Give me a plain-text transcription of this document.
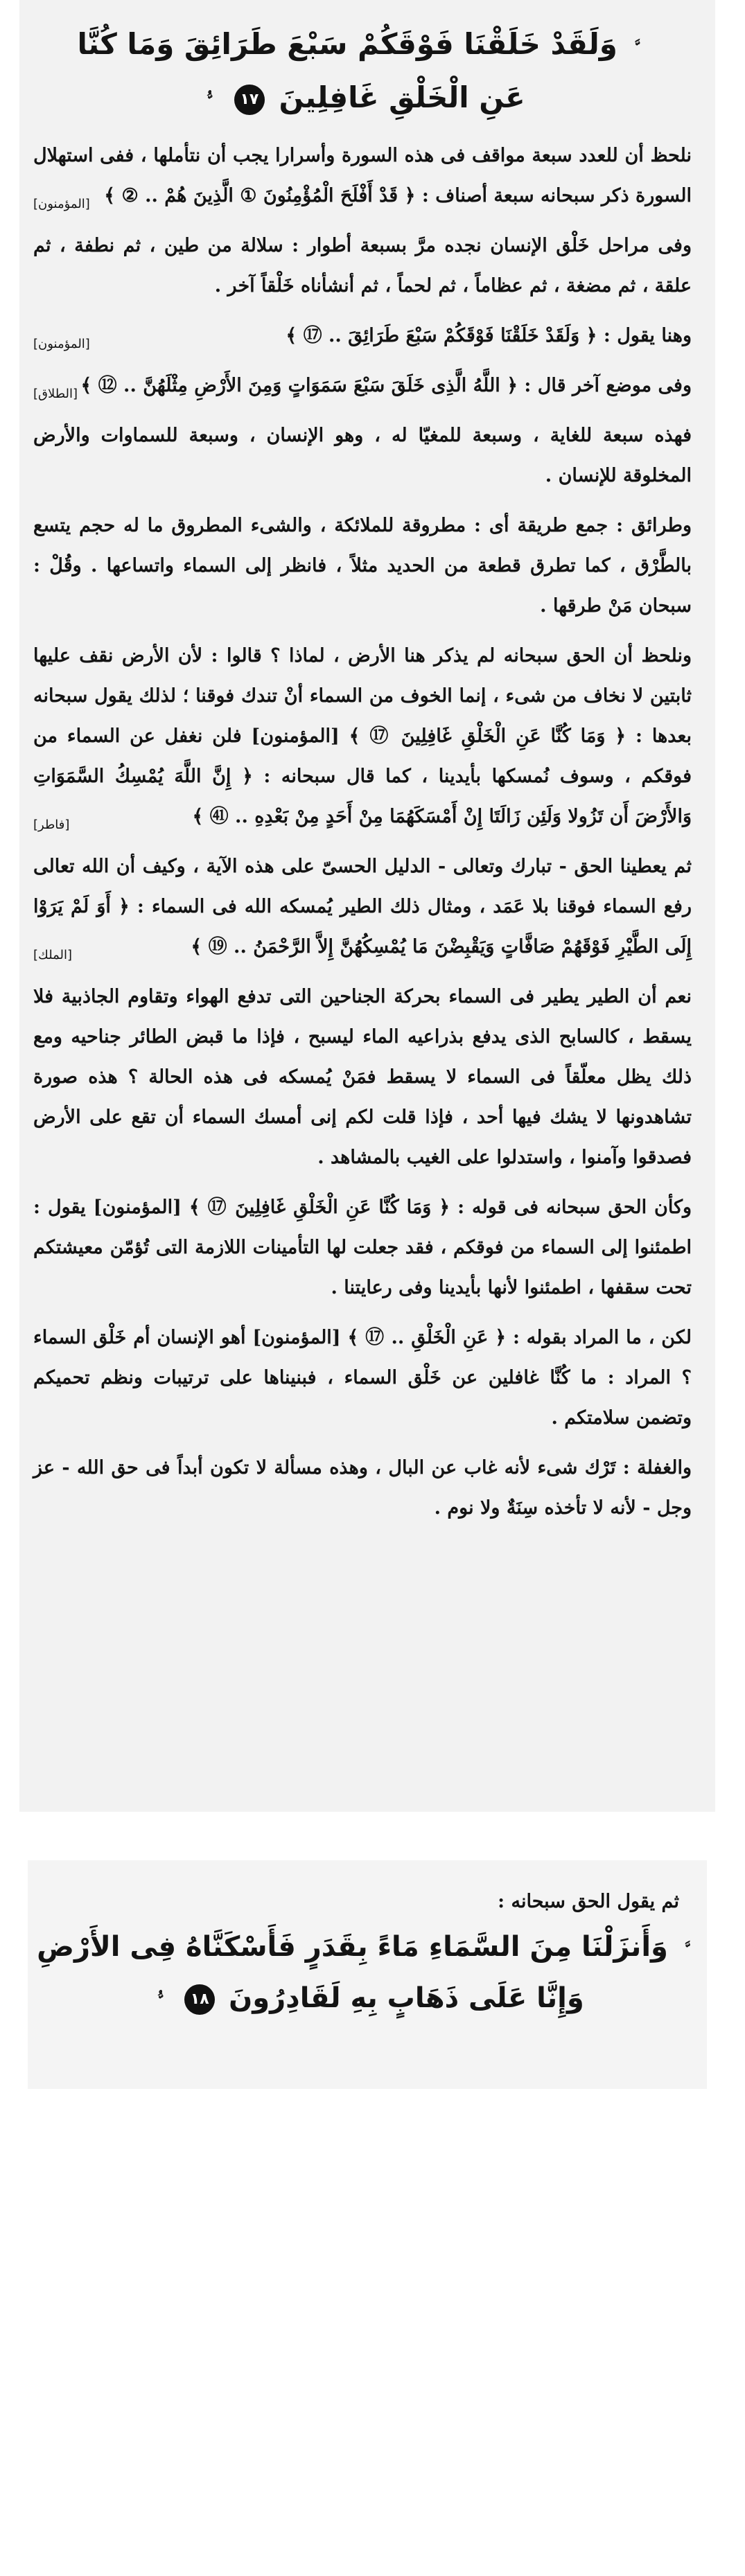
ﱠ وَلَقَدْ خَلَقْنَا فَوْقَكُمْ سَبْعَ طَرَائِقَ وَمَا كُنَّا
عَنِ الْخَلْقِ غَافِلِينَ ١٧ ﱡ

نلحظ أن للعدد سبعة مواقف فى هذه السورة وأسرارا يجب أن نتأملها ، ففى استهلال السورة ذكر سبحانه سبعة أصناف : ﴿ قَدْ أَفْلَحَ الْمُؤْمِنُونَ ① الَّذِينَ هُمْ .. ② ﴾
[المؤمنون]

وفى مراحل خَلْق الإنسان نجده مرَّ بسبعة أطوار : سلالة من طين ، ثم نطفة ، ثم علقة ، ثم مضغة ، ثم عظاماً ، ثم لحماً ، ثم أنشأناه خَلْقاً آخر .

وهنا يقول : ﴿ وَلَقَدْ خَلَقْنَا فَوْقَكُمْ سَبْعَ طَرَائِقَ .. ⑰ ﴾
[المؤمنون]

وفى موضع آخر قال : ﴿ اللَّهُ الَّذِى خَلَقَ سَبْعَ سَمَوَاتٍ وَمِنَ الأَرْضِ مِثْلَهُنَّ .. ⑫ ﴾
[الطلاق]

فهذه سبعة للغاية ، وسبعة للمغيّا له ، وهو الإنسان ، وسبعة للسماوات والأرض المخلوقة للإنسان .

وطرائق : جمع طريقة أى : مطروقة للملائكة ، والشىء المطروق ما له حجم يتسع بالطَّرْق ، كما تطرق قطعة من الحديد مثلاً ، فانظر إلى السماء واتساعها . وقُلْ : سبحان مَنْ طرقها .

ونلحظ أن الحق سبحانه لم يذكر هنا الأرض ، لماذا ؟ قالوا : لأن الأرض نقف عليها ثابتين لا نخاف من شىء ، إنما الخوف من السماء أنْ تندك فوقنا ؛ لذلك يقول سبحانه بعدها : ﴿ وَمَا كُنَّا عَنِ الْخَلْقِ غَافِلِينَ ⑰ ﴾ [المؤمنون] فلن نغفل عن السماء من فوقكم ، وسوف نُمسكها بأيدينا ، كما قال سبحانه : ﴿ إِنَّ اللَّهَ يُمْسِكُ السَّمَوَاتِ وَالأَرْضَ أَن تَزُولا وَلَئِن زَالَتَا إِنْ أَمْسَكَهُمَا مِنْ أَحَدٍ مِنْ بَعْدِهِ .. ㊶ ﴾
[فاطر]

ثم يعطينا الحق - تبارك وتعالى - الدليل الحسىّ على هذه الآية ، وكيف أن الله تعالى رفع السماء فوقنا بلا عَمَد ، ومثال ذلك الطير يُمسكه الله فى السماء : ﴿ أَوَ لَمْ يَرَوْا إِلَى الطَّيْرِ فَوْقَهُمْ صَافَّاتٍ وَيَقْبِضْنَ مَا يُمْسِكُهُنَّ إِلاَّ الرَّحْمَنُ .. ⑲ ﴾
[الملك]

نعم أن الطير يطير فى السماء بحركة الجناحين التى تدفع الهواء وتقاوم الجاذبية فلا يسقط ، كالسابح الذى يدفع بذراعيه الماء ليسبح ، فإذا ما قبض الطائر جناحيه ومع ذلك يظل معلّقاً فى السماء لا يسقط فمَنْ يُمسكه فى هذه الحالة ؟ هذه صورة تشاهدونها لا يشك فيها أحد ، فإذا قلت لكم إنى أمسك السماء أن تقع على الأرض فصدقوا وآمنوا ، واستدلوا على الغيب بالمشاهد .

وكأن الحق سبحانه فى قوله : ﴿ وَمَا كُنَّا عَنِ الْخَلْقِ غَافِلِينَ ⑰ ﴾ [المؤمنون] يقول : اطمئنوا إلى السماء من فوقكم ، فقد جعلت لها التأمينات اللازمة التى تُؤمّن معيشتكم تحت سقفها ، اطمئنوا لأنها بأيدينا وفى رعايتنا .

لكن ، ما المراد بقوله : ﴿ عَنِ الْخَلْقِ .. ⑰ ﴾ [المؤمنون] أهو الإنسان أم خَلْق السماء ؟ المراد : ما كُنَّا غافلين عن خَلْق السماء ، فبنيناها على ترتيبات ونظم تحميكم وتضمن سلامتكم .

والغفلة : تَرْك شىء لأنه غاب عن البال ، وهذه مسألة لا تكون أبداً فى حق الله - عز وجل - لأنه لا تأخذه سِنَةٌ ولا نوم .

ثم يقول الحق سبحانه :

ﱠ وَأَنزَلْنَا مِنَ السَّمَاءِ مَاءً بِقَدَرٍ فَأَسْكَنَّاهُ فِى الأَرْضِ
وَإِنَّا عَلَى ذَهَابٍ بِهِ لَقَادِرُونَ ١٨ ﱡ
